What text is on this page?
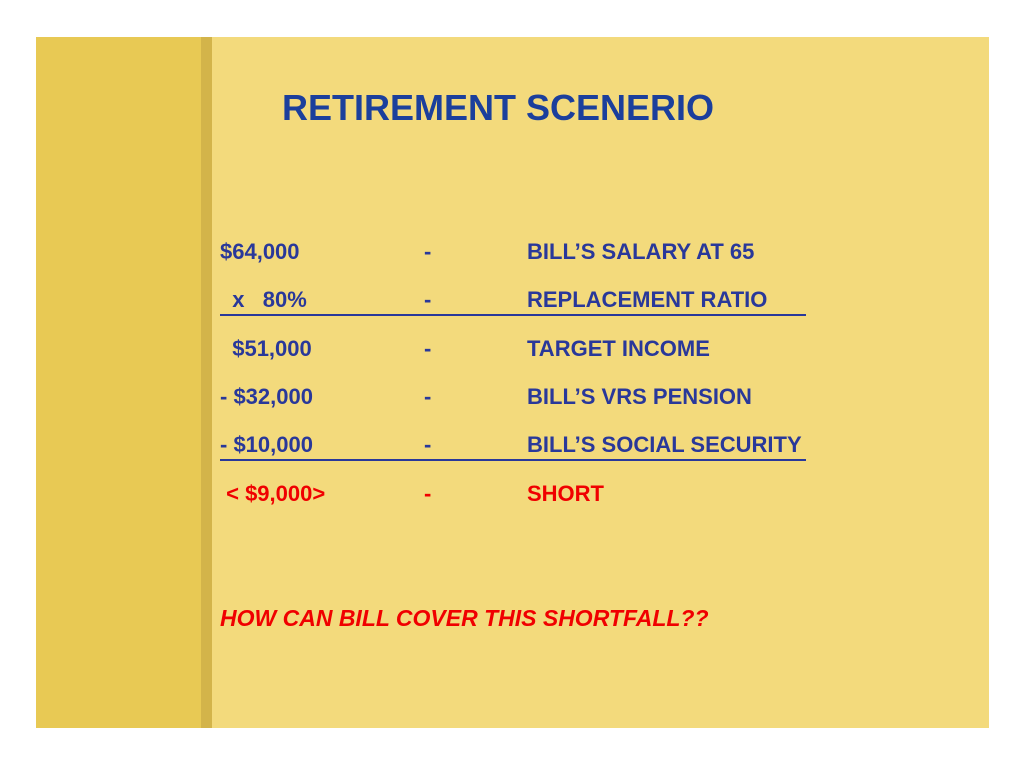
RETIREMENT SCENERIO
$64,000	-	BILL’S SALARY AT 65
x   80%	-	REPLACEMENT RATIO
$51,000	-	TARGET INCOME
- $32,000	-	BILL’S VRS PENSION
- $10,000	-	BILL’S SOCIAL SECURITY
< $9,000>	-	SHORT

HOW CAN BILL COVER THIS SHORTFALL??
